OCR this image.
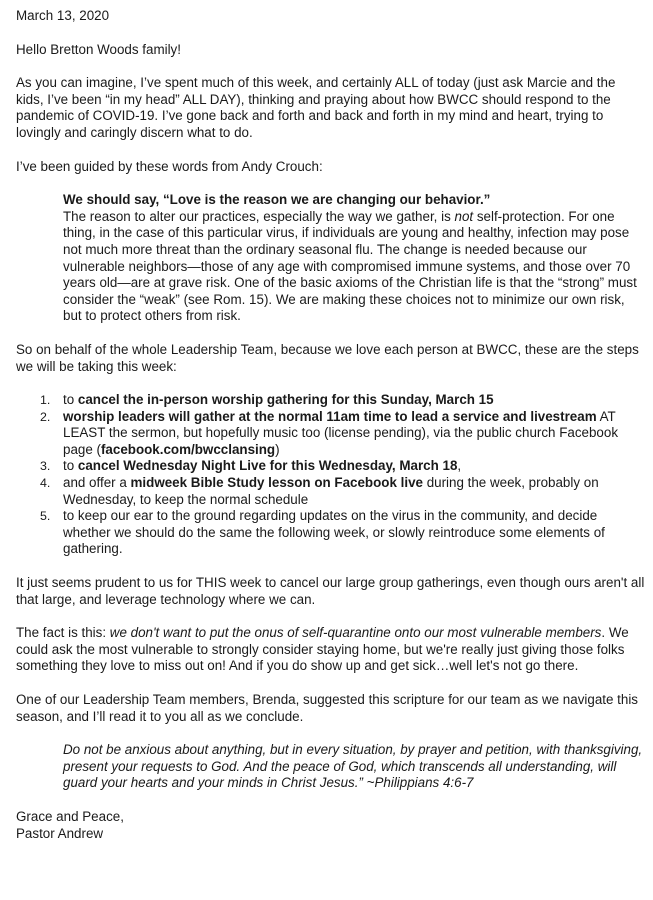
March 13, 2020

Hello Bretton Woods family!

As you can imagine, I’ve spent much of this week, and certainly ALL of today (just ask Marcie and the kids, I’ve been “in my head” ALL DAY), thinking and praying about how BWCC should respond to the pandemic of COVID-19. I’ve gone back and forth and back and forth in my mind and heart, trying to lovingly and caringly discern what to do.

I’ve been guided by these words from Andy Crouch:

We should say, “Love is the reason we are changing our behavior.”

The reason to alter our practices, especially the way we gather, is not self-protection. For one thing, in the case of this particular virus, if individuals are young and healthy, infection may pose not much more threat than the ordinary seasonal flu. The change is needed because our vulnerable neighbors—those of any age with compromised immune systems, and those over 70 years old—are at grave risk. One of the basic axioms of the Christian life is that the “strong” must consider the “weak” (see Rom. 15). We are making these choices not to minimize our own risk, but to protect others from risk.

So on behalf of the whole Leadership Team, because we love each person at BWCC, these are the steps we will be taking this week:

1. to cancel the in-person worship gathering for this Sunday, March 15
2. worship leaders will gather at the normal 11am time to lead a service and livestream AT LEAST the sermon, but hopefully music too (license pending), via the public church Facebook page (facebook.com/bwcclansing)
3. to cancel Wednesday Night Live for this Wednesday, March 18,
4. and offer a midweek Bible Study lesson on Facebook live during the week, probably on Wednesday, to keep the normal schedule
5. to keep our ear to the ground regarding updates on the virus in the community, and decide whether we should do the same the following week, or slowly reintroduce some elements of gathering.

It just seems prudent to us for THIS week to cancel our large group gatherings, even though ours aren't all that large, and leverage technology where we can.

The fact is this: we don't want to put the onus of self-quarantine onto our most vulnerable members. We could ask the most vulnerable to strongly consider staying home, but we're really just giving those folks something they love to miss out on! And if you do show up and get sick…well let's not go there.

One of our Leadership Team members, Brenda, suggested this scripture for our team as we navigate this season, and I’ll read it to you all as we conclude.

Do not be anxious about anything, but in every situation, by prayer and petition, with thanksgiving, present your requests to God. And the peace of God, which transcends all understanding, will guard your hearts and your minds in Christ Jesus.” ~Philippians 4:6-7

Grace and Peace,

Pastor Andrew
